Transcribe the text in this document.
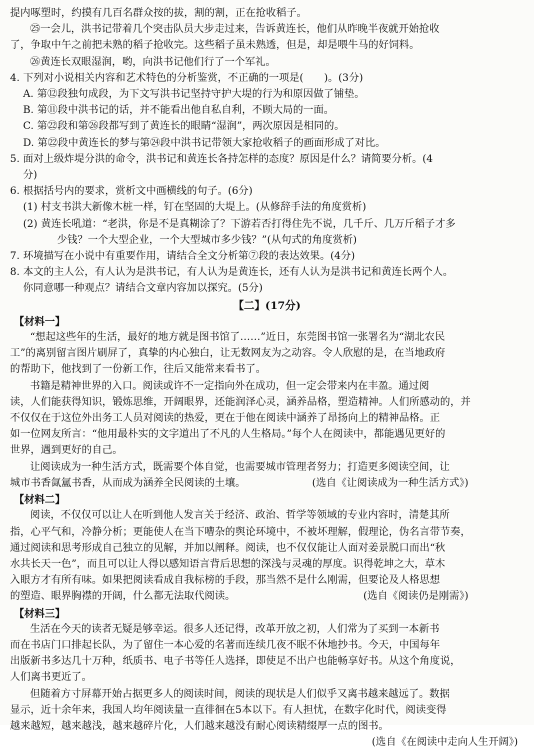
提内啄塑时，约摸有几百名群众按的拔，割的割，正在抢收稻子。
㉕一会儿，洪书记带着几个突击队员大步走过来，告诉黄连长，他们从昨晚半夜就开始抢收
了，争取中午之前把未熟的稻子抢收完。这些稻子虽未熟透，但是，却是喂牛马的好饲料。
㉖黄连长双眼湿润，哟，向洪书记他们行了一个军礼。
4. 下列对小说相关内容和艺术特色的分析鉴赏，不正确的一项是(　　)。(3分)
A. 第⑫段独句成段，为下文写洪书记坚持守护大堤的行为和原因做了铺垫。
B. 第⑪段中洪书记的话，并不能看出他自私自利，不顾大局的一面。
C. 第㉒段和第㉖段都写到了黄连长的眼睛“湿润”，两次原因是相同的。
D. 第㉒段中黄连长的梦与第㉔段中洪书记带领大家抢收稻子的画面形成了对比。
5. 面对上级炸堤分洪的命令，洪书记和黄连长各持怎样的态度？原因是什么？请简要分析。(4
分)
6. 根据括号内的要求，赏析文中画横线的句子。(6分)
(1) 村支书洪大新像木桩一样，钉在坚固的大堤上。(从修辞手法的角度赏析)
(2) 黄连长吼道：“老洪，你是不是真糊涂了？下游若否打得住先不说，几千斤、几万斤稻子才多
少钱？一个大型企业，一个大型城市多少钱？”(从句式的角度赏析)
7. 环境描写在小说中有重要作用，请结合全文分析第⑦段的表达效果。(4分)
8. 本文的主人公，有人认为是洪书记，有人认为是黄连长，还有人认为是洪书记和黄连长两个人。
你同意哪一种观点？请结合文章内容加以探究。(5分)
【二】(17分)
【材料一】
“想起这些年的生活，最好的地方就是图书馆了……”近日，东莞图书馆一张署名为“湖北农民
工”的离别留言图片刷屏了，真挚的内心独白，让无数网友为之动容。令人欣慰的是，在当地政府
的帮助下，他找到了一份新工作，往后又能常来看书了。
书籍是精神世界的入口。阅读或许不一定指向外在成功，但一定会带来内在丰盈。通过阅
读，人们能获得知识，锻炼思维，开阔眼界，还能润泽心灵，涵养品格，塑造精神。人们所感动的，并
不仅仅在于这位外出务工人员对阅读的热爱，更在于他在阅读中涵养了昂扬向上的精神品格。正
如一位网友所言：“他用最朴实的文字道出了不凡的人生格局。”每个人在阅读中，都能遇见更好的
世界，遇到更好的自己。
让阅读成为一种生活方式，既需要个体自觉，也需要城市管理者努力；打造更多阅读空间，让
城市书香氤氲书香，从而成为涵养全民阅读的土壤。　　　　　　　(选自《让阅读成为一种生活方式》)
【材料二】
阅读，不仅仅可以让人在听到他人发言关于经济、政治、哲学等领域的专业内容时，清楚其所
指，心平气和，冷静分析；更能使人在当下嘈杂的舆论环境中，不被坏理解，假理论，伪名言带节奏，
通过阅读和思考形成自己独立的见解，并加以阐释。阅读，也不仅仅能让人面对姜景脱口而出“秋
水共长天一色”，而且可以让人得以感知语言背后思想的深浅与灵魂的厚度。识得乾坤之大，草木
入眼方才有所有味。如果把阅读看成自我标榜的手段，那当然不是什么刚需，但要论及人格思想
的塑造、眼界胸襟的开阔，什么都无法取代阅读。　　　　　　　　　　　　　(选自《阅读仍是刚需》)
【材料三】
生活在今天的读者无疑是够幸运。很多人还记得，改革开放之初，人们常为了买到一本新书
而在书店门口排起长队，为了留住一本心爱的名著而连续几夜不眠不休地抄书。今天，中国每年
出版新书多达几十万种，纸质书、电子书等任人选择，即使足不出户也能畅享好书。从这个角度说，
人们离书更近了。
但随着方寸屏幕开始占据更多人的阅读时间，阅读的现状是人们似乎又离书越来越远了。数据
显示，近十余年来，我国人均年阅读量一直徘徊在5本以下。有人担忧，在数字化时代，阅读变得
越来越短，越来越浅，越来越碎片化，人们越来越没有耐心阅读精缀厚一点的图书。
(选自《在阅读中走向人生开阔》)
